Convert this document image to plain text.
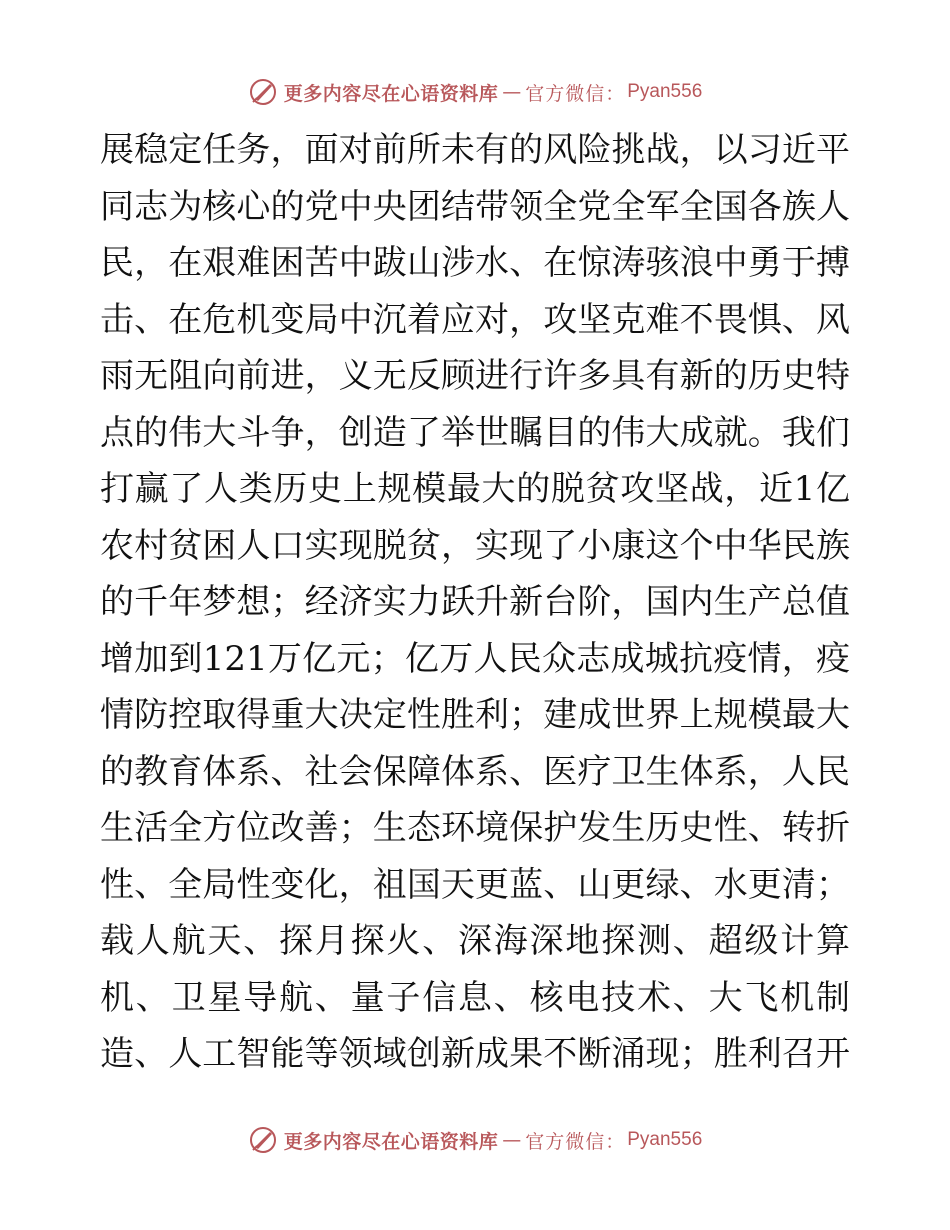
更多内容尽在心语资料库 — 官方微信： Pyan556
展稳定任务，面对前所未有的风险挑战，以习近平
同志为核心的党中央团结带领全党全军全国各族人
民，在艰难困苦中跋山涉水、在惊涛骇浪中勇于搏
击、在危机变局中沉着应对，攻坚克难不畏惧、风
雨无阻向前进，义无反顾进行许多具有新的历史特
点的伟大斗争，创造了举世瞩目的伟大成就。我们
打赢了人类历史上规模最大的脱贫攻坚战，近1亿
农村贫困人口实现脱贫，实现了小康这个中华民族
的千年梦想；经济实力跃升新台阶，国内生产总值
增加到121万亿元；亿万人民众志成城抗疫情，疫
情防控取得重大决定性胜利；建成世界上规模最大
的教育体系、社会保障体系、医疗卫生体系，人民
生活全方位改善；生态环境保护发生历史性、转折
性、全局性变化，祖国天更蓝、山更绿、水更清；
载人航天、探月探火、深海深地探测、超级计算
机、卫星导航、量子信息、核电技术、大飞机制
造、人工智能等领域创新成果不断涌现；胜利召开
更多内容尽在心语资料库 — 官方微信： Pyan556
